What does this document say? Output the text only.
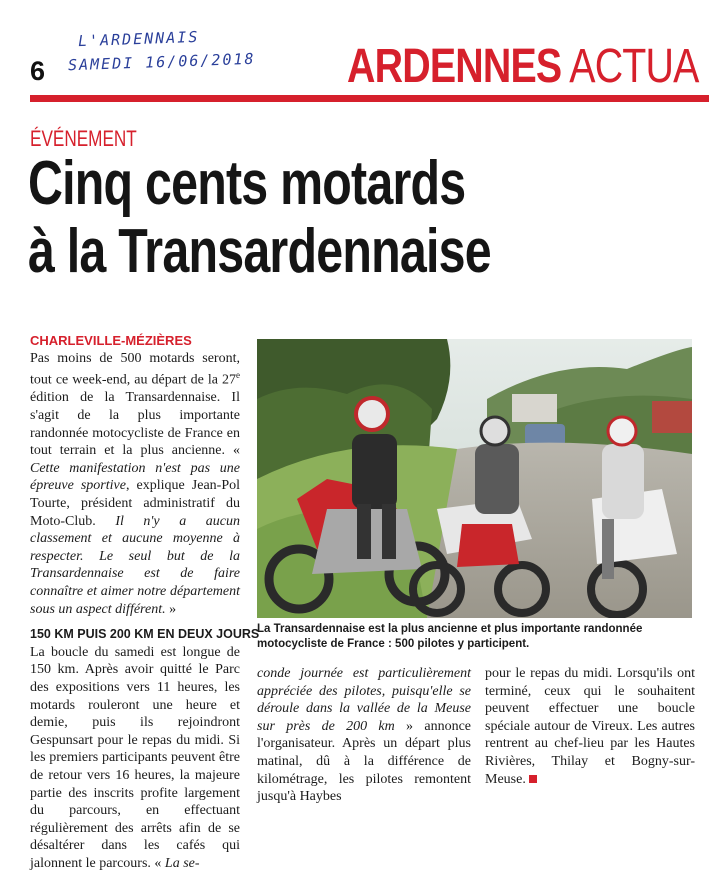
L'ARDENNAIS
SAMEDI 16/06/2018
6	ARDENNES ACTUA
ÉVÉNEMENT
Cinq cents motards
à la Transardennaise
CHARLEVILLE-MÉZIÈRES

Pas moins de 500 motards seront, tout ce week-end, au départ de la 27e édition de la Transardennaise. Il s'agit de la plus importante randonnée motocycliste de France en tout terrain et la plus ancienne. « Cette manifestation n'est pas une épreuve sportive, explique Jean-Pol Tourte, président administratif du Moto-Club. Il n'y a aucun classement et aucune moyenne à respecter. Le seul but de la Transardennaise est de faire connaître et aimer notre département sous un aspect différent. »

150 KM PUIS 200 KM EN DEUX JOURS

La boucle du samedi est longue de 150 km. Après avoir quitté le Parc des expositions vers 11 heures, les motards rouleront une heure et demie, puis ils rejoindront Gespunsart pour le repas du midi. Si les premiers participants peuvent être de retour vers 16 heures, la majeure partie des inscrits profite largement du parcours, en effectuant régulièrement des arrêts afin de se désaltérer dans les cafés qui jalonnent le parcours. « La se-

La Transardennaise est la plus ancienne et plus importante randonnée motocycliste de France : 500 pilotes y participent.

conde journée est particulièrement appréciée des pilotes, puisqu'elle se déroule dans la vallée de la Meuse sur près de 200 km » annonce l'organisateur. Après un départ plus matinal, dû à la différence de kilométrage, les pilotes remontent jusqu'à Haybes

pour le repas du midi. Lorsqu'ils ont terminé, ceux qui le souhaitent peuvent effectuer une boucle spéciale autour de Vireux. Les autres rentrent au chef-lieu par les Hautes Rivières, Thilay et Bogny-sur-Meuse.
